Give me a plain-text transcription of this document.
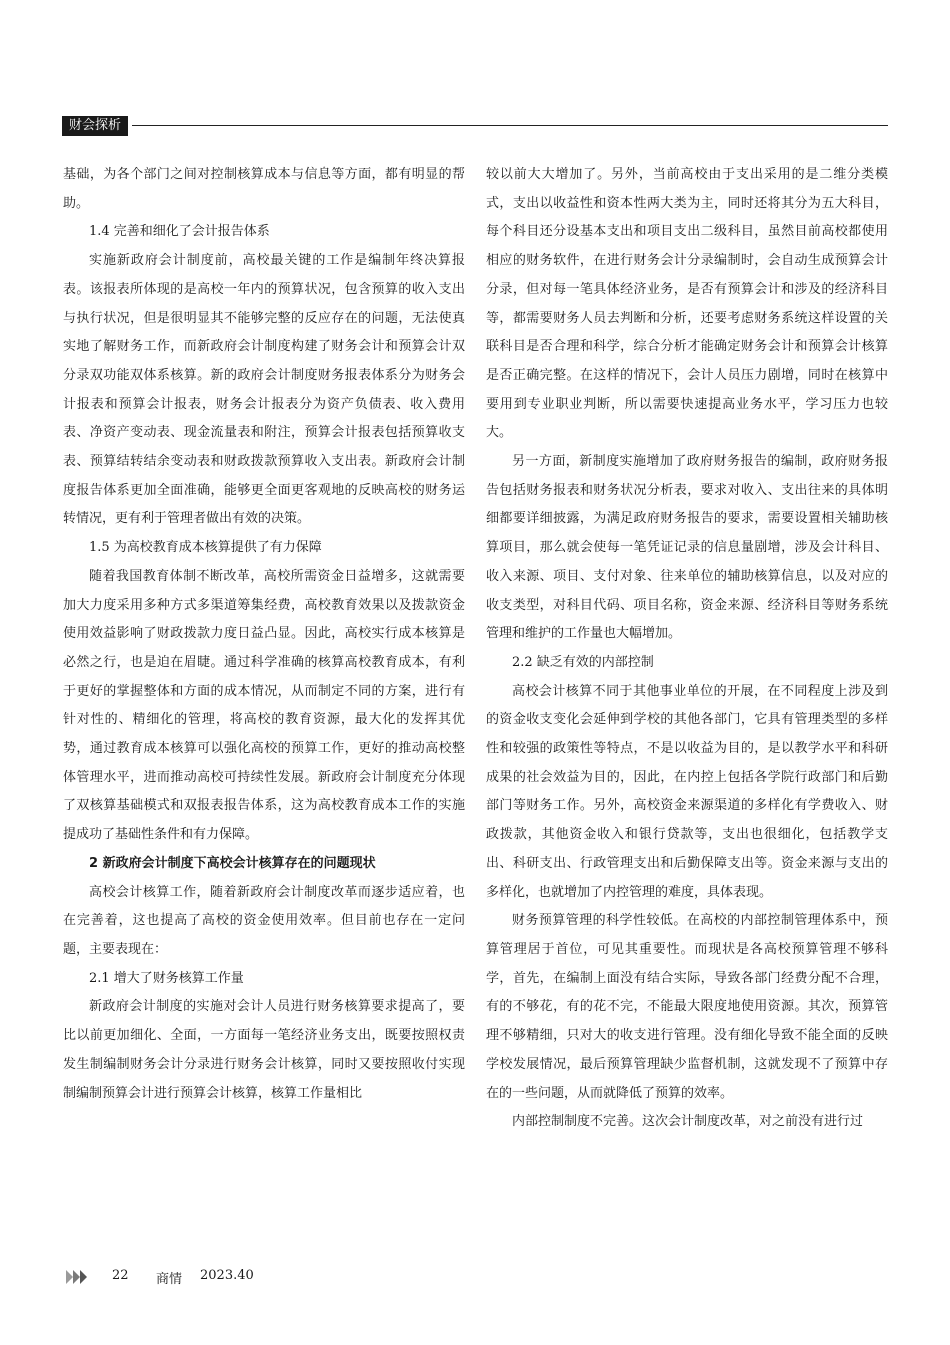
财会探析

基础，为各个部门之间对控制核算成本与信息等方面，都有明显的帮助。

1.4 完善和细化了会计报告体系

实施新政府会计制度前，高校最关键的工作是编制年终决算报表。该报表所体现的是高校一年内的预算状况，包含预算的收入支出与执行状况，但是很明显其不能够完整的反应存在的问题，无法使真实地了解财务工作，而新政府会计制度构建了财务会计和预算会计双分录双功能双体系核算。新的政府会计制度财务报表体系分为财务会计报表和预算会计报表，财务会计报表分为资产负债表、收入费用表、净资产变动表、现金流量表和附注，预算会计报表包括预算收支表、预算结转结余变动表和财政拨款预算收入支出表。新政府会计制度报告体系更加全面准确，能够更全面更客观地的反映高校的财务运转情况，更有利于管理者做出有效的决策。

1.5 为高校教育成本核算提供了有力保障

随着我国教育体制不断改革，高校所需资金日益增多，这就需要加大力度采用多种方式多渠道筹集经费，高校教育效果以及拨款资金使用效益影响了财政拨款力度日益凸显。因此，高校实行成本核算是必然之行，也是迫在眉睫。通过科学准确的核算高校教育成本，有利于更好的掌握整体和方面的成本情况，从而制定不同的方案，进行有针对性的、精细化的管理，将高校的教育资源，最大化的发挥其优势，通过教育成本核算可以强化高校的预算工作，更好的推动高校整体管理水平，进而推动高校可持续性发展。新政府会计制度充分体现了双核算基础模式和双报表报告体系，这为高校教育成本工作的实施提成功了基础性条件和有力保障。

2 新政府会计制度下高校会计核算存在的问题现状

高校会计核算工作，随着新政府会计制度改革而逐步适应着，也在完善着，这也提高了高校的资金使用效率。但目前也存在一定问题，主要表现在：

2.1 增大了财务核算工作量

新政府会计制度的实施对会计人员进行财务核算要求提高了，要比以前更加细化、全面，一方面每一笔经济业务支出，既要按照权责发生制编制财务会计分录进行财务会计核算，同时又要按照收付实现制编制预算会计进行预算会计核算，核算工作量相比

较以前大大增加了。另外，当前高校由于支出采用的是二维分类模式，支出以收益性和资本性两大类为主，同时还将其分为五大科目，每个科目还分设基本支出和项目支出二级科目，虽然目前高校都使用相应的财务软件，在进行财务会计分录编制时，会自动生成预算会计分录，但对每一笔具体经济业务，是否有预算会计和涉及的经济科目等，都需要财务人员去判断和分析，还要考虑财务系统这样设置的关联科目是否合理和科学，综合分析才能确定财务会计和预算会计核算是否正确完整。在这样的情况下，会计人员压力剧增，同时在核算中要用到专业职业判断，所以需要快速提高业务水平，学习压力也较大。

另一方面，新制度实施增加了政府财务报告的编制，政府财务报告包括财务报表和财务状况分析表，要求对收入、支出往来的具体明细都要详细披露，为满足政府财务报告的要求，需要设置相关辅助核算项目，那么就会使每一笔凭证记录的信息量剧增，涉及会计科目、收入来源、项目、支付对象、往来单位的辅助核算信息，以及对应的收支类型，对科目代码、项目名称，资金来源、经济科目等财务系统管理和维护的工作量也大幅增加。

2.2 缺乏有效的内部控制

高校会计核算不同于其他事业单位的开展，在不同程度上涉及到的资金收支变化会延伸到学校的其他各部门，它具有管理类型的多样性和较强的政策性等特点，不是以收益为目的，是以教学水平和科研成果的社会效益为目的，因此，在内控上包括各学院行政部门和后勤部门等财务工作。另外，高校资金来源渠道的多样化有学费收入、财政拨款，其他资金收入和银行贷款等，支出也很细化，包括教学支出、科研支出、行政管理支出和后勤保障支出等。资金来源与支出的多样化，也就增加了内控管理的难度，具体表现。

财务预算管理的科学性较低。在高校的内部控制管理体系中，预算管理居于首位，可见其重要性。而现状是各高校预算管理不够科学，首先，在编制上面没有结合实际，导致各部门经费分配不合理，有的不够花，有的花不完，不能最大限度地使用资源。其次，预算管理不够精细，只对大的收支进行管理。没有细化导致不能全面的反映学校发展情况，最后预算管理缺少监督机制，这就发现不了预算中存在的一些问题，从而就降低了预算的效率。

内部控制制度不完善。这次会计制度改革，对之前没有进行过

22 商情 2023.40
